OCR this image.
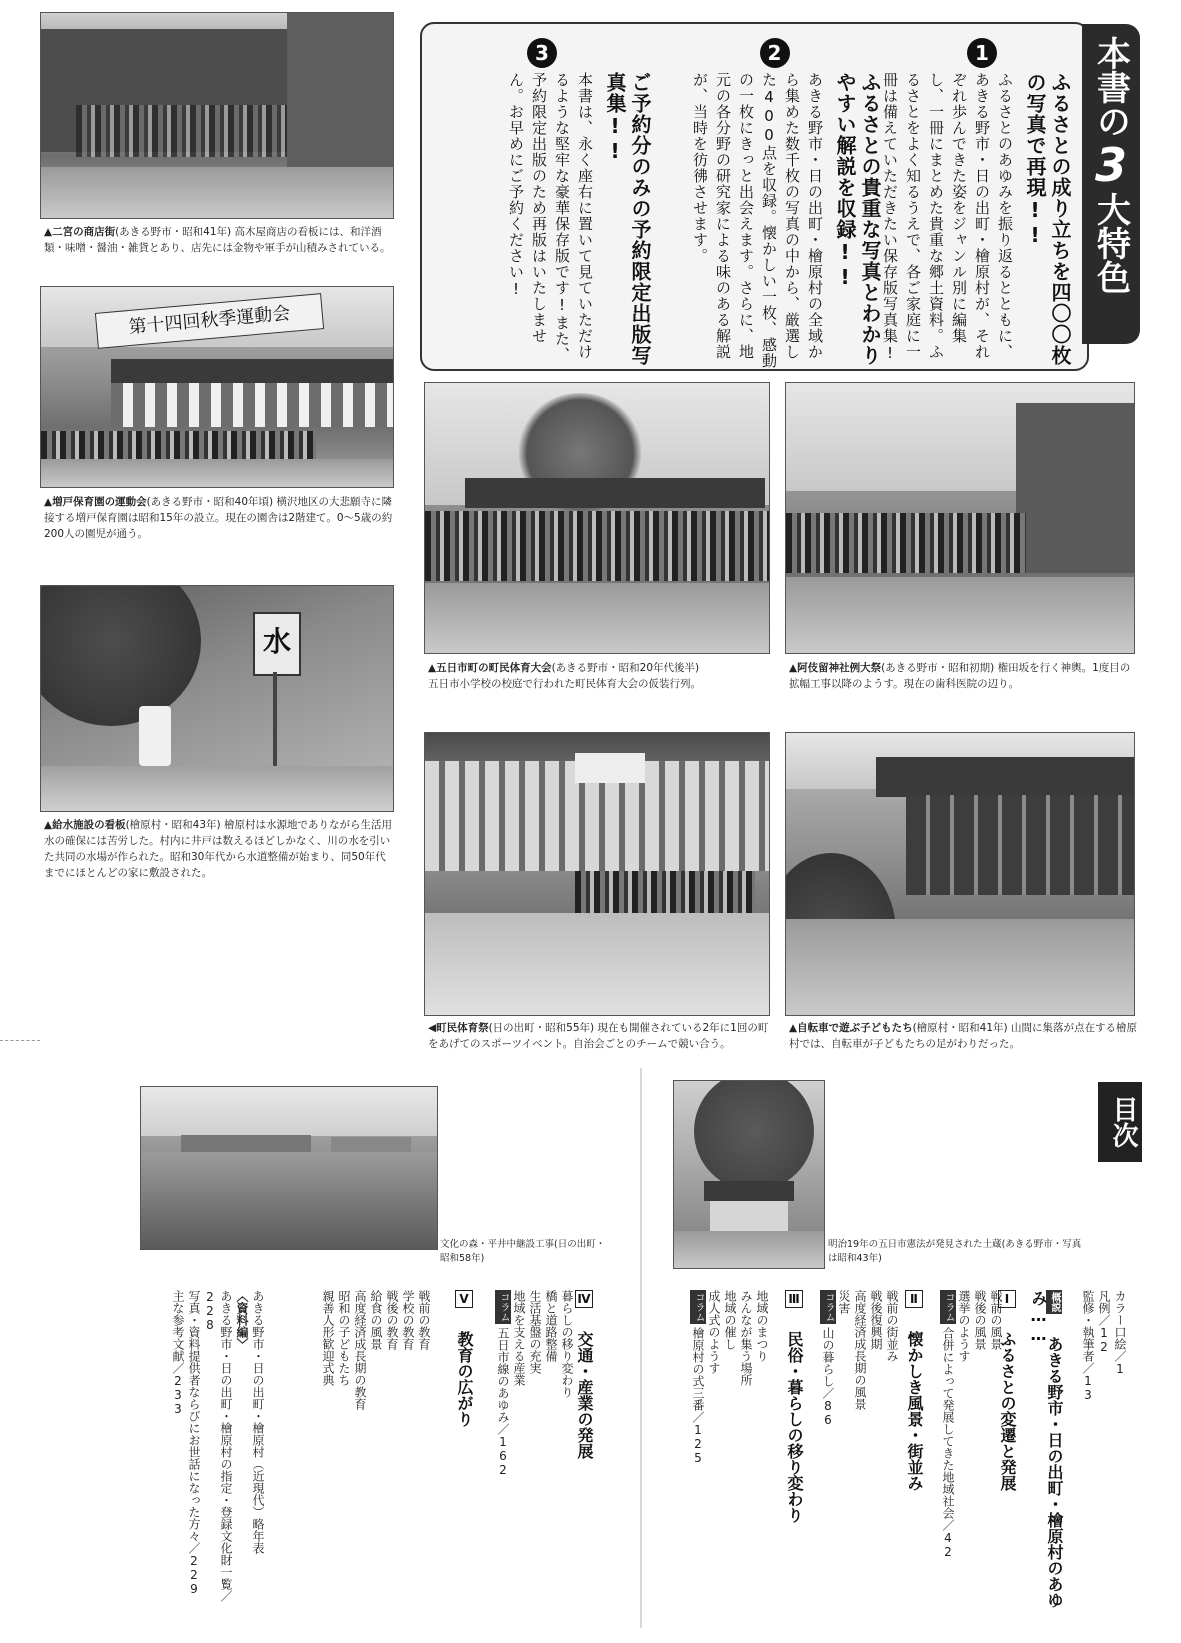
▲二宮の商店街(あきる野市・昭和41年) 高木屋商店の看板には、和洋酒類・味噌・醤油・雑貨とあり、店先には金物や軍手が山積みされている。
第十四回秋季運動会
▲増戸保育園の運動会(あきる野市・昭和40年頃) 横沢地区の大悲願寺に隣接する増戸保育園は昭和15年の設立。現在の園舎は2階建て。0～5歳の約200人の園児が通う。
水
▲給水施設の看板(檜原村・昭和43年) 檜原村は水源地でありながら生活用水の確保には苦労した。村内に井戸は数えるほどしかなく、川の水を引いた共同の水場が作られた。昭和30年代から水道整備が始まり、同50年代までにほとんどの家に敷設された。
1
ふるさとの成り立ちを四〇〇枚の写真で再現!!
ふるさとのあゆみを振り返るとともに、あきる野市・日の出町・檜原村が、それぞれ歩んできた姿をジャンル別に編集し、一冊にまとめた貴重な郷土資料。ふるさとをよく知るうえで、各ご家庭に一冊は備えていただきたい保存版写真集!
2
ふるさとの貴重な写真とわかりやすい解説を収録!!
あきる野市・日の出町・檜原村の全域から集めた数千枚の写真の中から、厳選した400点を収録。懐かしい一枚、感動の一枚にきっと出会えます。さらに、地元の各分野の研究家による味のある解説が、当時を彷彿させます。
3
ご予約分のみの予約限定出版写真集!!
本書は、永く座右に置いて見ていただけるような堅牢な豪華保存版です!また、予約限定出版のため再版はいたしません。お早めにご予約ください!	本書の
3
大特色
▲五日市町の町民体育大会(あきる野市・昭和20年代後半)
五日市小学校の校庭で行われた町民体育大会の仮装行列。
▲阿伎留神社例大祭(あきる野市・昭和初期) 権田坂を行く神輿。1度目の拡幅工事以降のようす。現在の歯科医院の辺り。
◀町民体育祭(日の出町・昭和55年) 現在も開催されている2年に1回の町をあげてのスポーツイベント。自治会ごとのチームで競い合う。
▲自転車で遊ぶ子どもたち(檜原村・昭和41年) 山間に集落が点在する檜原村では、自転車が子どもたちの足がわりだった。
文化の森・平井中継設工事(日の出町・昭和58年)
明治19年の五日市憲法が発見された土蔵(あきる野市・写真は昭和43年)
目次
カラー口絵／1
凡例／12
監修・執筆者／13
概説 あきる野市・日の出町・檜原村のあゆみ……
Ⅰ ふるさとの変遷と発展
戦前の風景
戦後の風景
選挙のようす
コラム合併によって発展してきた地域社会／42
Ⅱ 懐かしき風景・街並み
戦前の街並み
戦後復興期
高度経済成長期の風景
災害
コラム山の暮らし／86
Ⅲ 民俗・暮らしの移り変わり
地域のまつり
みんなが集う場所
地域の催し
成人式のようす
コラム檜原村の式三番／125
Ⅳ 交通・産業の発展
暮らしの移り変わり
橋と道路整備
生活基盤の充実
地域を支える産業
コラム五日市線のあゆみ／162
Ⅴ 教育の広がり
戦前の教育
学校の教育
戦後の教育
給食の風景
高度経済成長期の教育
昭和の子どもたち
親善人形歓迎式典
あきる野市・日の出町・檜原村（近現代）略年表
〈資料編〉
あきる野市・日の出町・檜原村の指定・登録文化財一覧／228
写真・資料提供者ならびにお世話になった方々／229
主な参考文献／233
